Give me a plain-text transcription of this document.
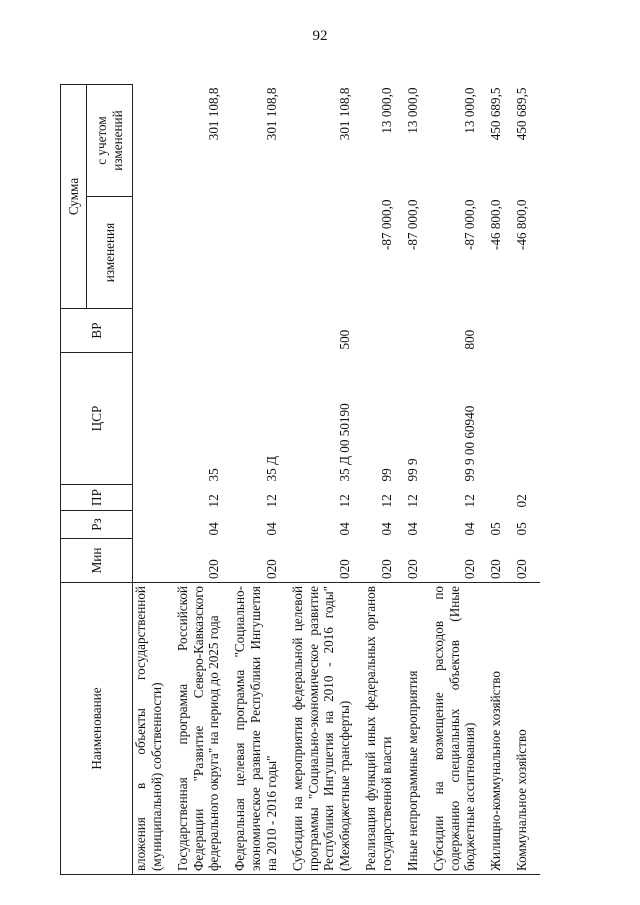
92
Наименование	Мин	Рз	ПР	ЦСР	ВР	Сумма	
						изменения	с учетом изменений
вложения в объекты государственной (муниципальной) собственности)							
Государственная программа Российской Федерации "Развитие Северо-Кавказского федерального округа" на период до 2025 года	020	04	12	35			301 108,8
Федеральная целевая программа "Социально-экономическое развитие Республики Ингушетия на 2010 - 2016 годы"	020	04	12	35 Д			301 108,8
Субсидии на мероприятия федеральной целевой программы "Социально-экономическое развитие Республики Ингушетия на 2010 - 2016 годы" (Межбюджетные трансферты)	020	04	12	35 Д 00 50190	500		301 108,8
Реализация функций иных федеральных органов государственной власти	020	04	12	99		-87 000,0	13 000,0
Иные непрограммные мероприятия	020	04	12	99 9		-87 000,0	13 000,0
Субсидии на возмещение расходов по содержанию специальных объектов (Иные бюджетные ассигнования)	020	04	12	99 9 00 60940	800	-87 000,0	13 000,0
Жилищно-коммунальное хозяйство	020	05				-46 800,0	450 689,5
Коммунальное хозяйство	020	05	02			-46 800,0	450 689,5
